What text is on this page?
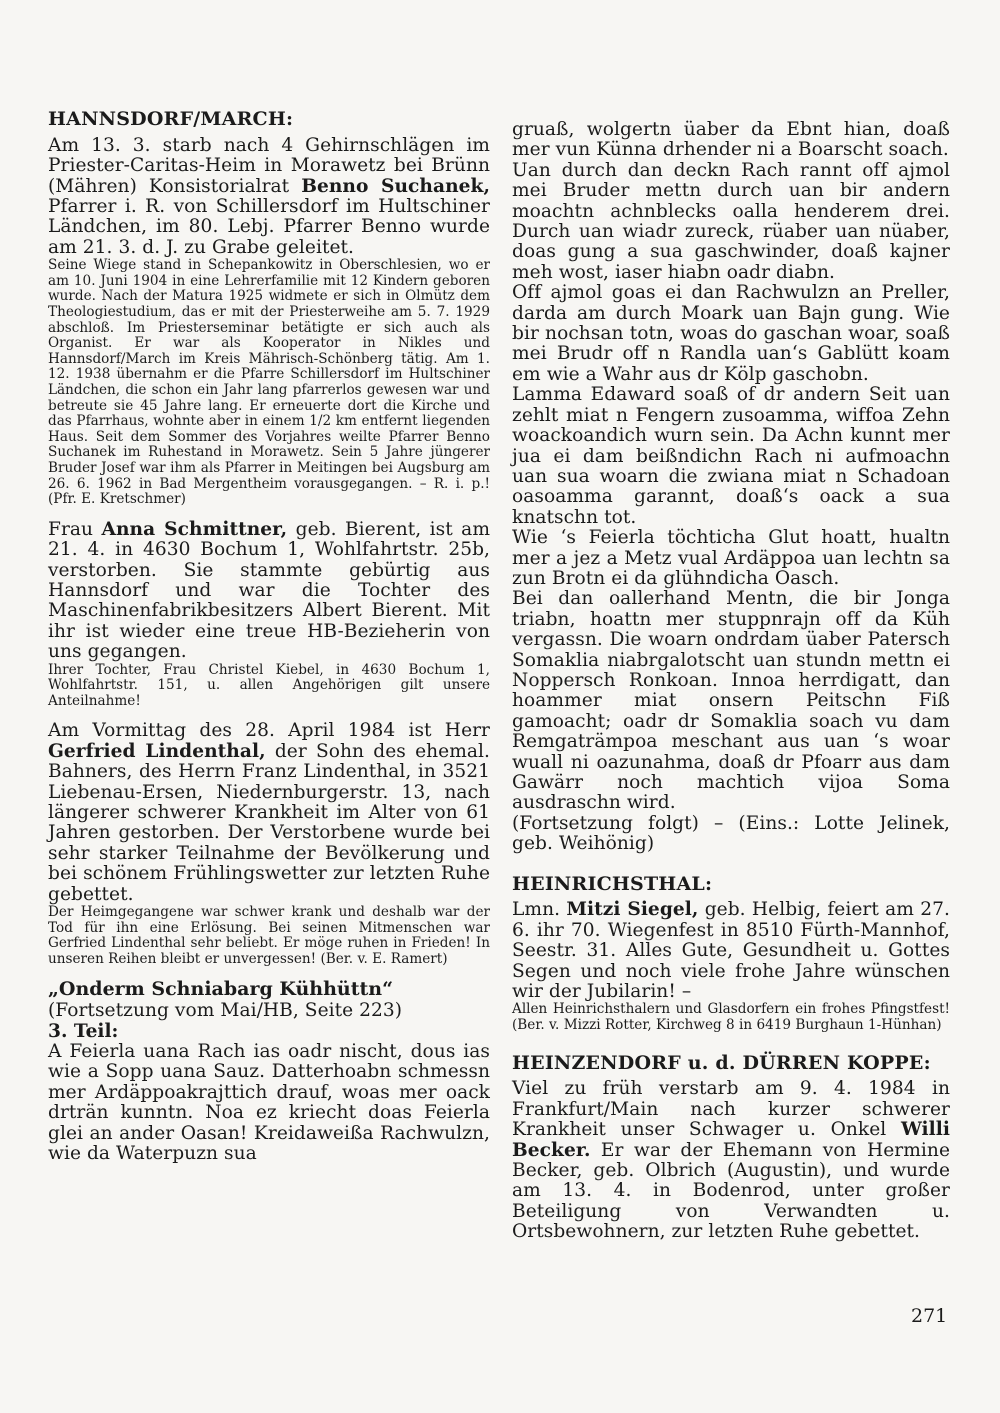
HANNSDORF/MARCH:

Am 13. 3. starb nach 4 Gehirnschlägen im Priester-Caritas-Heim in Morawetz bei Brünn (Mähren) Konsistorialrat Benno Suchanek, Pfarrer i. R. von Schillersdorf im Hultschiner Ländchen, im 80. Lebj. Pfarrer Benno wurde am 21. 3. d. J. zu Grabe geleitet.

Seine Wiege stand in Schepankowitz in Oberschlesien, wo er am 10. Juni 1904 in eine Lehrerfamilie mit 12 Kindern geboren wurde. Nach der Matura 1925 widmete er sich in Olmütz dem Theologiestudium, das er mit der Priesterweihe am 5. 7. 1929 abschloß. Im Priesterseminar betätigte er sich auch als Organist. Er war als Kooperator in Nikles und Hannsdorf/March im Kreis Mährisch-Schönberg tätig. Am 1. 12. 1938 übernahm er die Pfarre Schillersdorf im Hultschiner Ländchen, die schon ein Jahr lang pfarrerlos gewesen war und betreute sie 45 Jahre lang. Er erneuerte dort die Kirche und das Pfarrhaus, wohnte aber in einem 1/2 km entfernt liegenden Haus. Seit dem Sommer des Vorjahres weilte Pfarrer Benno Suchanek im Ruhestand in Morawetz. Sein 5 Jahre jüngerer Bruder Josef war ihm als Pfarrer in Meitingen bei Augsburg am 26. 6. 1962 in Bad Mergentheim vorausgegangen. – R. i. p.! (Pfr. E. Kretschmer)

Frau Anna Schmittner, geb. Bierent, ist am 21. 4. in 4630 Bochum 1, Wohlfahrtstr. 25b, verstorben. Sie stammte gebürtig aus Hannsdorf und war die Tochter des Maschinenfabrikbesitzers Albert Bierent. Mit ihr ist wieder eine treue HB-Bezieherin von uns gegangen.

Ihrer Tochter, Frau Christel Kiebel, in 4630 Bochum 1, Wohlfahrtstr. 151, u. allen Angehörigen gilt unsere Anteilnahme!

Am Vormittag des 28. April 1984 ist Herr Gerfried Lindenthal, der Sohn des ehemal. Bahners, des Herrn Franz Lindenthal, in 3521 Liebenau-Ersen, Niedernburgerstr. 13, nach längerer schwerer Krankheit im Alter von 61 Jahren gestorben. Der Verstorbene wurde bei sehr starker Teilnahme der Bevölkerung und bei schönem Frühlingswetter zur letzten Ruhe gebettet.

Der Heimgegangene war schwer krank und deshalb war der Tod für ihn eine Erlösung. Bei seinen Mitmenschen war Gerfried Lindenthal sehr beliebt. Er möge ruhen in Frieden! In unseren Reihen bleibt er unvergessen! (Ber. v. E. Ramert)

„Onderm Schniabarg Kühhüttn“

(Fortsetzung vom Mai/HB, Seite 223)

3. Teil:

A Feierla uana Rach ias oadr nischt, dous ias wie a Sopp uana Sauz. Datterhoabn schmessn mer Ardäppoakrajttich drauf, woas mer oack drträn kunntn. Noa ez kriecht doas Feierla glei an ander Oasan! Kreidaweißa Rachwulzn, wie da Waterpuzn sua

gruaß, wolgertn üaber da Ebnt hian, doaß mer vun Künna drhender ni a Boarscht soach.

Uan durch dan deckn Rach rannt off ajmol mei Bruder mettn durch uan bir andern moachtn achnblecks oalla henderem drei. Durch uan wiadr zureck, rüaber uan nüaber, doas gung a sua gaschwinder, doaß kajner meh wost, iaser hiabn oadr diabn.

Off ajmol goas ei dan Rachwulzn an Preller, darda am durch Moark uan Bajn gung. Wie bir nochsan totn, woas do gaschan woar, soaß mei Brudr off n Randla uan‘s Gablütt koam em wie a Wahr aus dr Kölp gaschobn.

Lamma Edaward soaß of dr andern Seit uan zehlt miat n Fengern zusoamma, wiffoa Zehn woackoandich wurn sein. Da Achn kunnt mer jua ei dam beißndichn Rach ni aufmoachn uan sua woarn die zwiana miat n Schadoan oasoamma garannt, doaß‘s oack a sua knatschn tot.

Wie ‘s Feierla töchticha Glut hoatt, hualtn mer a jez a Metz vual Ardäppoa uan lechtn sa zun Brotn ei da glühndicha Oasch.

Bei dan oallerhand Mentn, die bir Jonga triabn, hoattn mer stuppnrajn off da Küh vergassn. Die woarn ondrdam üaber Patersch Somaklia niabrgalotscht uan stundn mettn ei Noppersch Ronkoan. Innoa herrdigatt, dan hoammer miat onsern Peitschn Fiß gamoacht; oadr dr Somaklia soach vu dam Remgaträmpoa meschant aus uan ‘s woar wuall ni oazunahma, doaß dr Pfoarr aus dam Gawärr noch machtich vijoa Soma ausdraschn wird.

(Fortsetzung folgt) – (Eins.: Lotte Jelinek, geb. Weihönig)

HEINRICHSTHAL:

Lmn. Mitzi Siegel, geb. Helbig, feiert am 27. 6. ihr 70. Wiegenfest in 8510 Fürth-Mannhof, Seestr. 31. Alles Gute, Gesundheit u. Gottes Segen und noch viele frohe Jahre wünschen wir der Jubilarin! –

Allen Heinrichsthalern und Glasdorfern ein frohes Pfingstfest! (Ber. v. Mizzi Rotter, Kirchweg 8 in 6419 Burghaun 1-Hünhan)

HEINZENDORF u. d. DÜRREN KOPPE:

Viel zu früh verstarb am 9. 4. 1984 in Frankfurt/Main nach kurzer schwerer Krankheit unser Schwager u. Onkel Willi Becker. Er war der Ehemann von Hermine Becker, geb. Olbrich (Augustin), und wurde am 13. 4. in Bodenrod, unter großer Beteiligung von Verwandten u. Ortsbewohnern, zur letzten Ruhe gebettet.

271
